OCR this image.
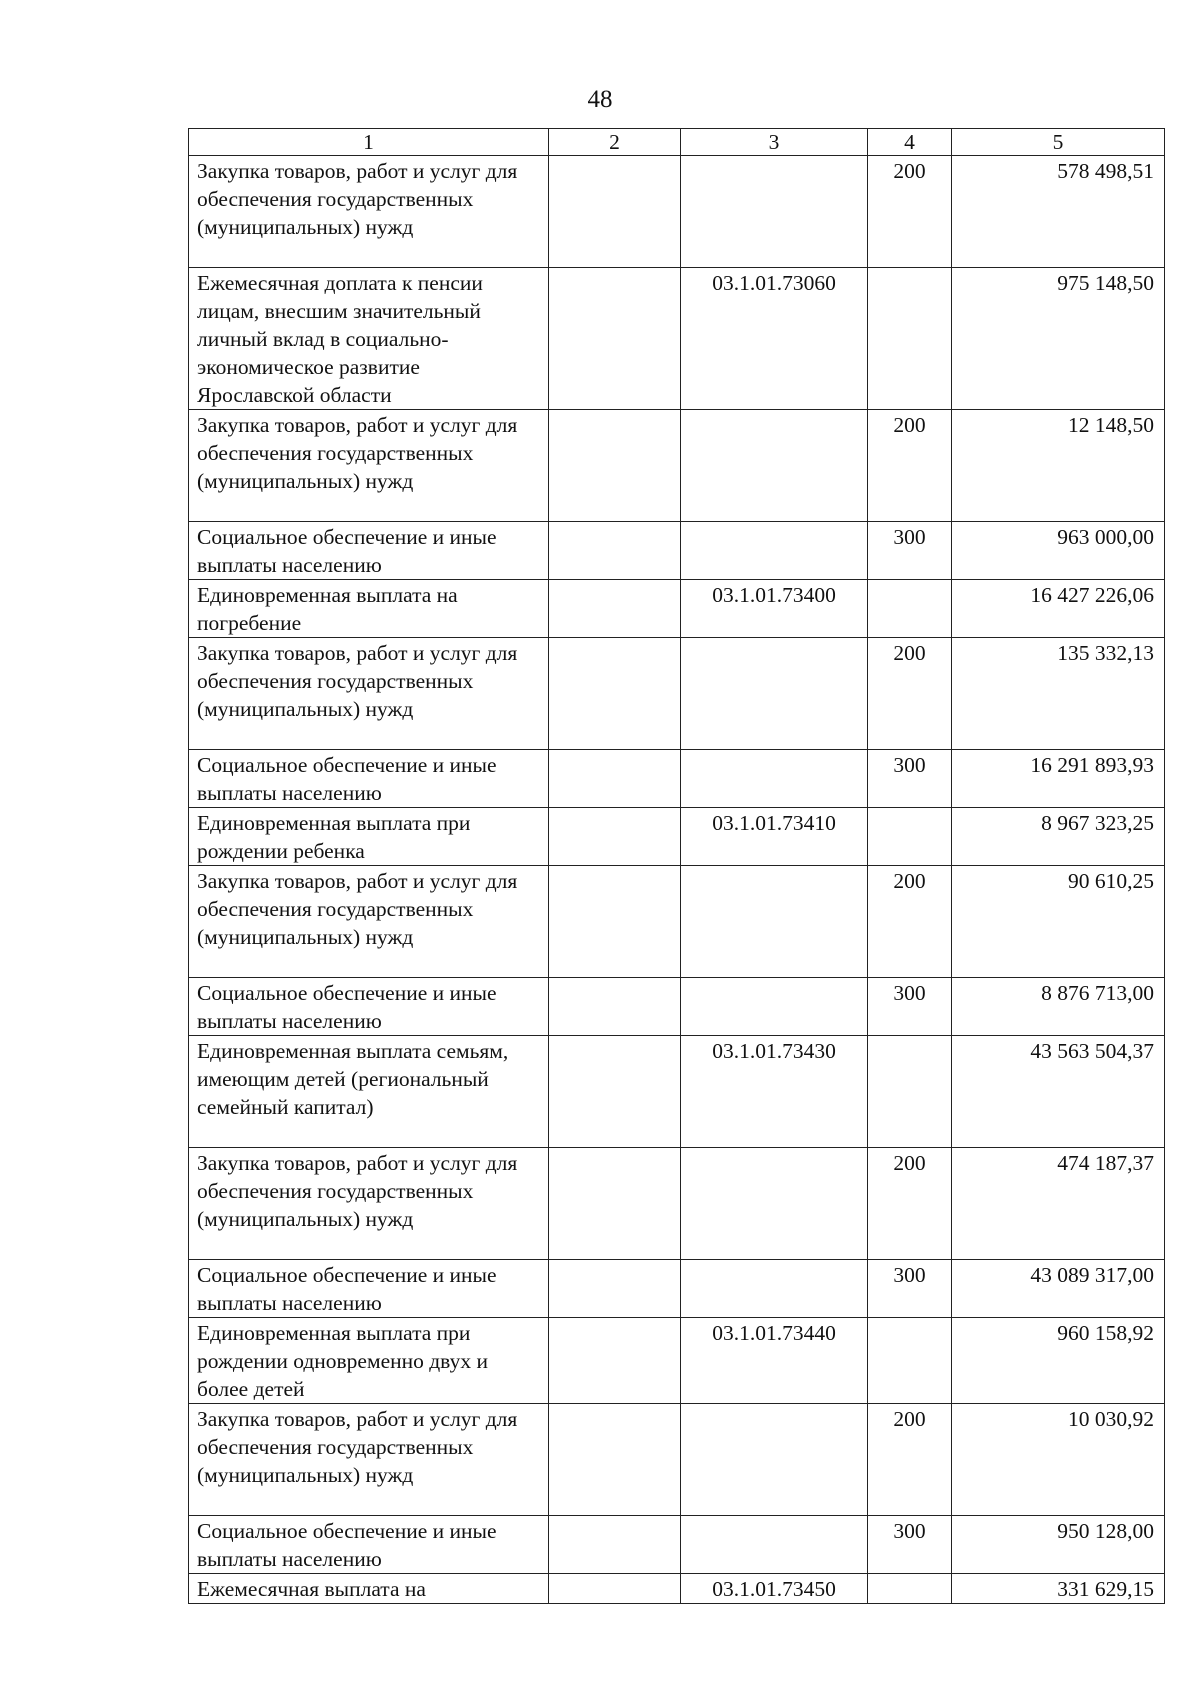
48
1	2	3	4	5
Закупка товаров, работ и услуг для обеспечения государственных (муниципальных) нужд			200	578 498,51
Ежемесячная доплата к пенсии лицам, внесшим значительный личный вклад в социально-экономическое развитие Ярославской области		03.1.01.73060		975 148,50
Закупка товаров, работ и услуг для обеспечения государственных (муниципальных) нужд			200	12 148,50
Социальное обеспечение и иные выплаты населению			300	963 000,00
Единовременная выплата на погребение		03.1.01.73400		16 427 226,06
Закупка товаров, работ и услуг для обеспечения государственных (муниципальных) нужд			200	135 332,13
Социальное обеспечение и иные выплаты населению			300	16 291 893,93
Единовременная выплата при рождении ребенка		03.1.01.73410		8 967 323,25
Закупка товаров, работ и услуг для обеспечения государственных (муниципальных) нужд			200	90 610,25
Социальное обеспечение и иные выплаты населению			300	8 876 713,00
Единовременная выплата семьям, имеющим детей (региональный семейный капитал)		03.1.01.73430		43 563 504,37
Закупка товаров, работ и услуг для обеспечения государственных (муниципальных) нужд			200	474 187,37
Социальное обеспечение и иные выплаты населению			300	43 089 317,00
Единовременная выплата при рождении одновременно двух и более детей		03.1.01.73440		960 158,92
Закупка товаров, работ и услуг для обеспечения государственных (муниципальных) нужд			200	10 030,92
Социальное обеспечение и иные выплаты населению			300	950 128,00
Ежемесячная выплата на		03.1.01.73450		331 629,15
